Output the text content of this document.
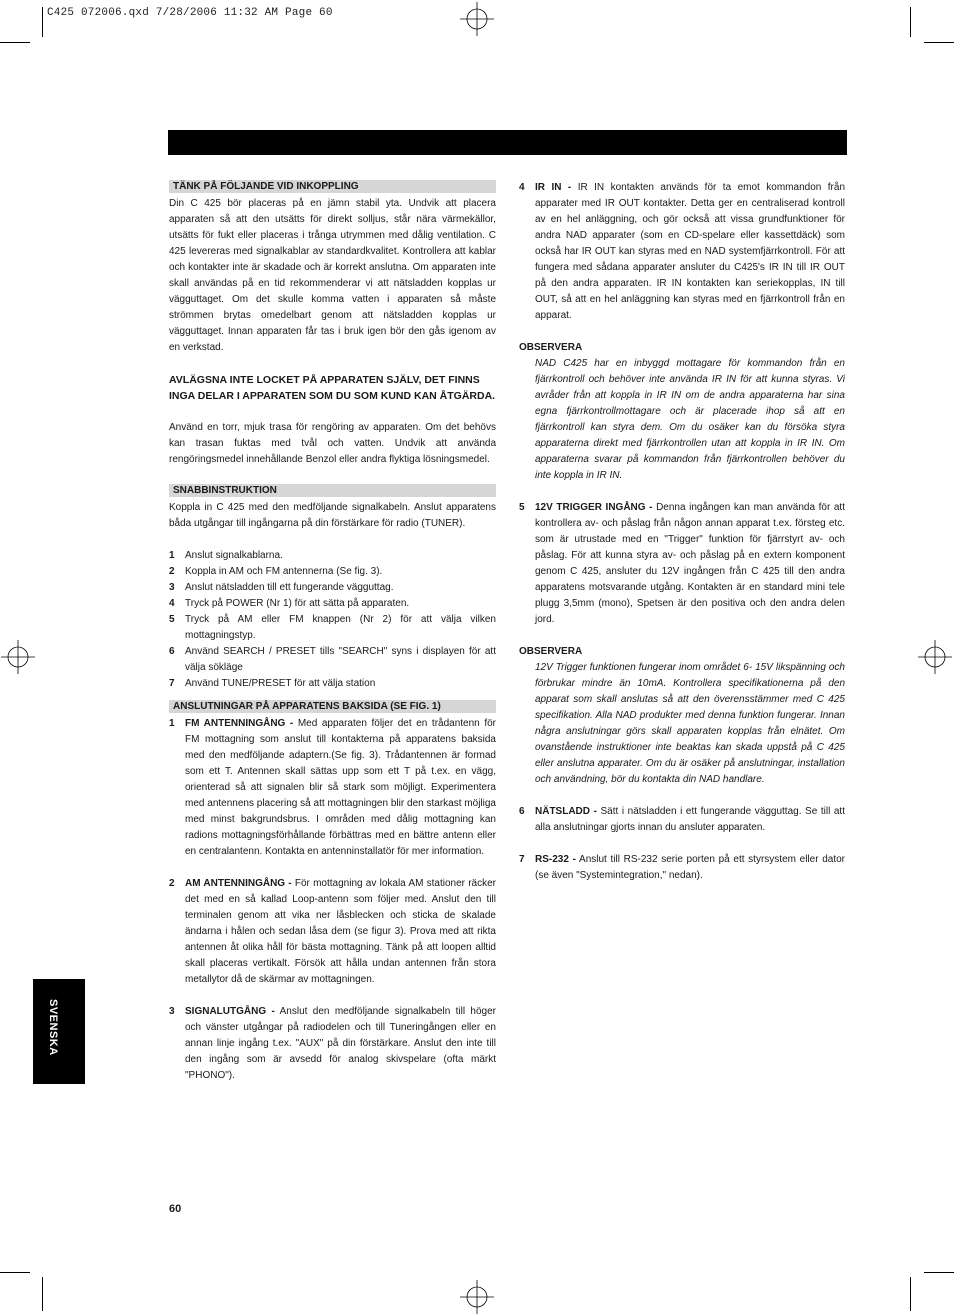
C425 072006.qxd 7/28/2006 11:32 AM Page 60
TÄNK PÅ FÖLJANDE VID INKOPPLING

Din C 425 bör placeras på en jämn stabil yta. Undvik att placera apparaten så att den utsätts för direkt solljus, står nära värmekällor, utsätts för fukt eller placeras i trånga utrymmen med dålig ventilation. C 425 levereras med signalkablar av standardkvalitet. Kontrollera att kablar och kontakter inte är skadade och är korrekt anslutna. Om apparaten inte skall användas på en tid rekommenderar vi att nätsladden kopplas ur vägguttaget. Om det skulle komma vatten i apparaten så måste strömmen brytas omedelbart genom att nätsladden kopplas ur vägguttaget. Innan apparaten får tas i bruk igen bör den gås igenom av en verkstad.

AVLÄGSNA INTE LOCKET PÅ APPARATEN SJÄLV, DET FINNS INGA DELAR I APPARATEN SOM DU SOM KUND KAN ÅTGÄRDA.

Använd en torr, mjuk trasa för rengöring av apparaten. Om det behövs kan trasan fuktas med tvål och vatten. Undvik att använda rengöringsmedel innehållande Benzol eller andra flyktiga lösningsmedel.

SNABBINSTRUKTION

Koppla in C 425 med den medföljande signalkabeln. Anslut apparatens båda utgångar till ingångarna på din förstärkare för radio (TUNER).

1 Anslut signalkablarna.
2 Koppla in AM och FM antennerna (Se fig. 3).
3 Anslut nätsladden till ett fungerande vägguttag.
4 Tryck på POWER (Nr 1) för att sätta på apparaten.
5 Tryck på AM eller FM knappen (Nr 2) för att välja vilken mottagningstyp.
6 Använd SEARCH / PRESET tills "SEARCH" syns i displayen för att välja sökläge
7 Använd TUNE/PRESET för att välja station
ANSLUTNINGAR PÅ APPARATENS BAKSIDA (SE FIG. 1)
1 FM ANTENNINGÅNG - Med apparaten följer det en trådantenn för FM mottagning som anslut till kontakterna på apparatens baksida med den medföljande adaptern.(Se fig. 3). Trådantennen är formad som ett T. Antennen skall sättas upp som ett T på t.ex. en vägg, orienterad så att signalen blir så stark som möjligt. Experimentera med antennens placering så att mottagningen blir den starkast möjliga med minst bakgrundsbrus. I områden med dålig mottagning kan radions mottagningsförhållande förbättras med en bättre antenn eller en centralantenn. Kontakta en antenninstallatör för mer information.
2 AM ANTENNINGÅNG - För mottagning av lokala AM stationer räcker det med en så kallad Loop-antenn som följer med. Anslut den till terminalen genom att vika ner låsblecken och sticka de skalade ändarna i hålen och sedan låsa dem (se figur 3). Prova med att rikta antennen åt olika håll för bästa mottagning. Tänk på att loopen alltid skall placeras vertikalt. Försök att hålla undan antennen från stora metallytor då de skärmar av mottagningen.
3 SIGNALUTGÅNG - Anslut den medföljande signalkabeln till höger och vänster utgångar på radiodelen och till Tuneringången eller en annan linje ingång t.ex. "AUX" på din förstärkare. Anslut den inte till den ingång som är avsedd för analog skivspelare (ofta märkt "PHONO").
4 IR IN - IR IN kontakten används för ta emot kommandon från apparater med IR OUT kontakter. Detta ger en centraliserad kontroll av en hel anläggning, och gör också att vissa grundfunktioner för andra NAD apparater (som en CD-spelare eller kassettdäck) som också har IR OUT kan styras med en NAD systemfjärrkontroll. För att fungera med sådana apparater ansluter du C425's IR IN till IR OUT på den andra apparaten. IR IN kontakten kan seriekopplas, IN till OUT, så att en hel anläggning kan styras med en fjärrkontroll från en apparat.

OBSERVERA

NAD C425 har en inbyggd mottagare för kommandon från en fjärrkontroll och behöver inte använda IR IN för att kunna styras. Vi avråder från att koppla in IR IN om de andra apparaterna har sina egna fjärrkontrollmottagare och är placerade ihop så att en fjärrkontroll kan styra dem. Om du osäker kan du försöka styra apparaterna direkt med fjärrkontrollen utan att koppla in IR IN. Om apparaterna svarar på kommandon från fjärrkontrollen behöver du inte koppla in IR IN.

5 12V TRIGGER INGÅNG - Denna ingången kan man använda för att kontrollera av- och påslag från någon annan apparat t.ex. försteg etc. som är utrustade med en "Trigger" funktion för fjärrstyrt av- och påslag. För att kunna styra av- och påslag på en extern komponent genom C 425, ansluter du 12V ingången från C 425 till den andra apparatens motsvarande utgång. Kontakten är en standard mini tele plugg 3,5mm (mono), Spetsen är den positiva och den andra delen jord.

OBSERVERA

12V Trigger funktionen fungerar inom området 6- 15V likspänning och förbrukar mindre än 10mA. Kontrollera specifikationerna på den apparat som skall anslutas så att den överensstämmer med C 425 specifikation. Alla NAD produkter med denna funktion fungerar. Innan några anslutningar görs skall apparaten kopplas från elnätet. Om ovanstående instruktioner inte beaktas kan skada uppstå på C 425 eller anslutna apparater. Om du är osäker på anslutningar, installation och användning, bör du kontakta din NAD handlare.

6 NÄTSLADD - Sätt i nätsladden i ett fungerande vägguttag. Se till att alla anslutningar gjorts innan du ansluter apparaten.
7 RS-232 - Anslut till RS-232 serie porten på ett styrsystem eller dator (se även "Systemintegration," nedan).
SVENSKA
60
